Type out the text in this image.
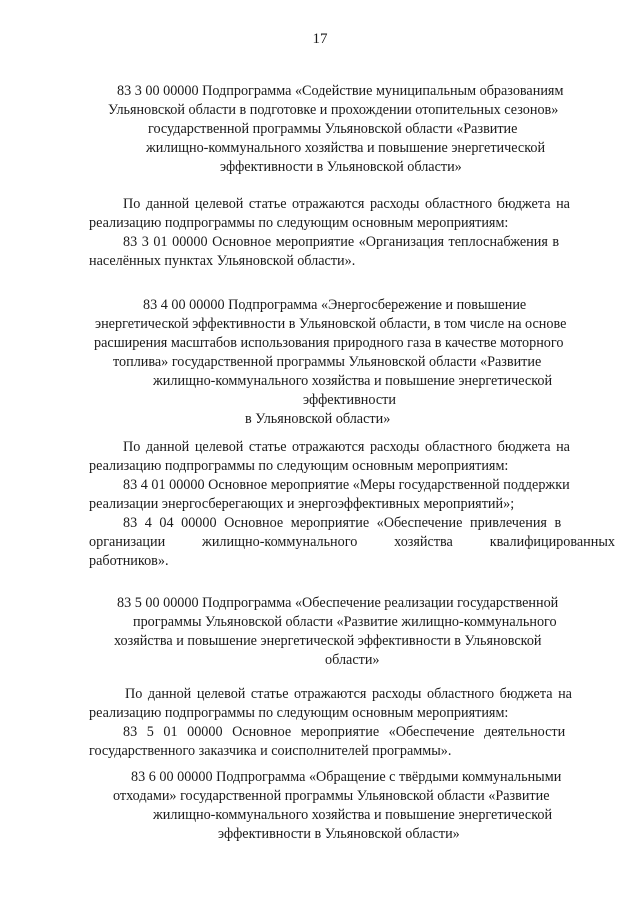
17
83 3 00 00000 Подпрограмма «Содействие муниципальным образованиям
Ульяновской области в подготовке и прохождении отопительных сезонов»
государственной программы Ульяновской области «Развитие
жилищно-коммунального хозяйства и повышение энергетической
эффективности в Ульяновской области»
По данной целевой статье отражаются расходы областного бюджета на
реализацию подпрограммы по следующим основным мероприятиям:
83 3 01 00000 Основное мероприятие «Организация теплоснабжения в
населённых пунктах Ульяновской области».
83 4 00 00000 Подпрограмма «Энергосбережение и повышение
энергетической эффективности в Ульяновской области, в том числе на основе
расширения масштабов использования природного газа в качестве моторного
топлива» государственной программы Ульяновской области «Развитие
жилищно-коммунального хозяйства и повышение энергетической
эффективности
в Ульяновской области»
По данной целевой статье отражаются расходы областного бюджета на
реализацию подпрограммы по следующим основным мероприятиям:
83 4 01 00000 Основное мероприятие «Меры государственной поддержки
реализации энергосберегающих и энергоэффективных мероприятий»;
83 4 04 00000 Основное мероприятие «Обеспечение привлечения в
организации	жилищно-коммунального	хозяйства	квалифицированных
работников».
83 5 00 00000 Подпрограмма «Обеспечение реализации государственной
программы Ульяновской области «Развитие жилищно-коммунального
хозяйства и повышение энергетической эффективности в Ульяновской
области»
По данной целевой статье отражаются расходы областного бюджета на
реализацию подпрограммы по следующим основным мероприятиям:
83 5 01 00000 Основное мероприятие «Обеспечение деятельности
государственного заказчика и соисполнителей программы».
83 6 00 00000 Подпрограмма «Обращение с твёрдыми коммунальными
отходами» государственной программы Ульяновской области «Развитие
жилищно-коммунального хозяйства и повышение энергетической
эффективности в Ульяновской области»
